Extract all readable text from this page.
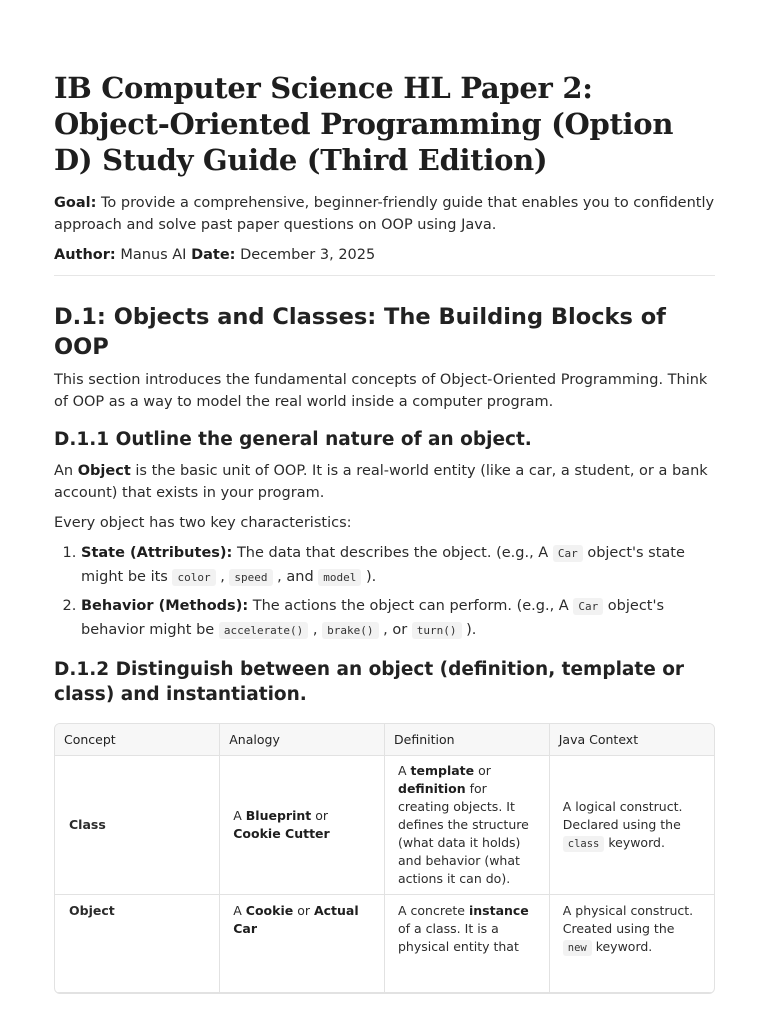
IB Computer Science HL Paper 2: Object-Oriented Programming (Option D) Study Guide (Third Edition)

Goal: To provide a comprehensive, beginner-friendly guide that enables you to confidently approach and solve past paper questions on OOP using Java.

Author: Manus AI Date: December 3, 2025

D.1: Objects and Classes: The Building Blocks of OOP

This section introduces the fundamental concepts of Object-Oriented Programming. Think of OOP as a way to model the real world inside a computer program.

D.1.1 Outline the general nature of an object.

An Object is the basic unit of OOP. It is a real-world entity (like a car, a student, or a bank account) that exists in your program.

Every object has two key characteristics:

1. State (Attributes): The data that describes the object. (e.g., A Car object's state might be its color , speed , and model ).
2. Behavior (Methods): The actions the object can perform. (e.g., A Car object's behavior might be accelerate() , brake() , or turn() ).
D.1.2 Distinguish between an object (definition, template or class) and instantiation.
Concept	Analogy	Definition	Java Context
Class	A Blueprint or Cookie Cutter	A template or definition for creating objects. It defines the structure (what data it holds) and behavior (what actions it can do).	A logical construct. Declared using the class keyword.
Object	A Cookie or Actual Car	A concrete instance of a class. It is a physical entity that	A physical construct. Created using the new keyword.
